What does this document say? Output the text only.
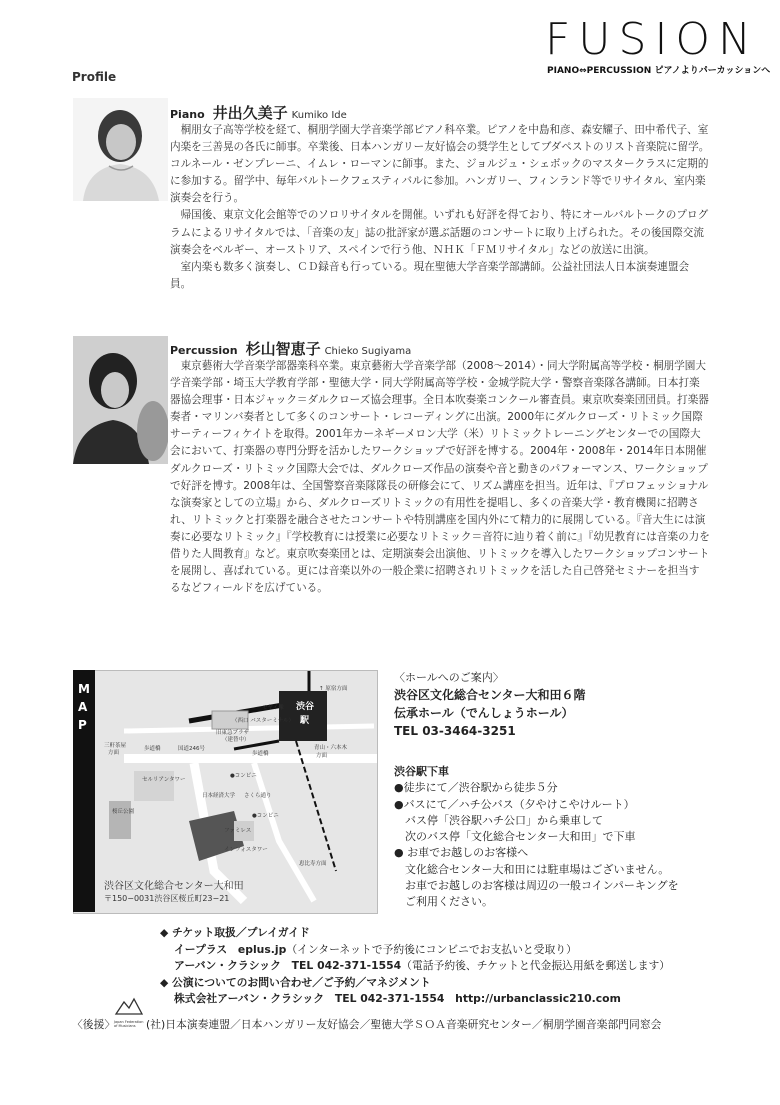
FUSION
PIANO⇔PERCUSSION ピアノよりパーカッションへ
Profile
Piano 井出久美子 Kumiko Ide

桐朋女子高等学校を経て、桐朋学園大学音楽学部ピアノ科卒業。ピアノを中島和彦、森安耀子、田中希代子、室内楽を三善晃の各氏に師事。卒業後、日本ハンガリー友好協会の奨学生としてブダペストのリスト音楽院に留学。コルネール・ゼンプレーニ、イムレ・ローマンに師事。また、ジョルジュ・シェボックのマスタークラスに定期的に参加する。留学中、毎年バルトークフェスティバルに参加。ハンガリー、フィンランド等でリサイタル、室内楽演奏会を行う。

帰国後、東京文化会館等でのソロリサイタルを開催。いずれも好評を得ており、特にオールバルトークのプログラムによるリサイタルでは、「音楽の友」誌の批評家が選ぶ話題のコンサートに取り上げられた。その後国際交流演奏会をベルギー、オーストリア、スペインで行う他、ＮＨＫ「ＦＭリサイタル」などの放送に出演。

室内楽も数多く演奏し、ＣＤ録音も行っている。現在聖徳大学音楽学部講師。公益社団法人日本演奏連盟会員。

Percussion 杉山智恵子 Chieko Sugiyama

東京藝術大学音楽学部器楽科卒業。東京藝術大学音楽学部（2008～2014）・同大学附属高等学校・桐朋学園大学音楽学部・埼玉大学教育学部・聖徳大学・同大学附属高等学校・金城学院大学・警察音楽隊各講師。日本打楽器協会理事・日本ジャック＝ダルクローズ協会理事。全日本吹奏楽コンクール審査員。東京吹奏楽団団員。打楽器奏者・マリンバ奏者として多くのコンサート・レコーディングに出演。2000年にダルクローズ・リトミック国際サーティーフィケイトを取得。2001年カーネギーメロン大学（米）リトミックトレーニングセンターでの国際大会において、打楽器の専門分野を活かしたワークショップで好評を博する。2004年・2008年・2014年日本開催ダルクローズ・リトミック国際大会では、ダルクローズ作品の演奏や音と動きのパフォーマンス、ワークショップで好評を博す。2008年は、全国警察音楽隊隊長の研修会にて、リズム講座を担当。近年は、『プロフェッショナルな演奏家としての立場』から、ダルクローズリトミックの有用性を提唱し、多くの音楽大学・教育機関に招聘され、リトミックと打楽器を融合させたコンサートや特別講座を国内外にて精力的に展開している。『音大生には演奏に必要なリトミック』『学校教育には授業に必要なリトミック＝音符に辿り着く前に』『幼児教育には音楽の力を借りた人間教育』など。東京吹奏楽団とは、定期演奏会出演他、リトミックを導入したワークショップコンサートを展開し、喜ばれている。更には音楽以外の一般企業に招聘されリトミックを活した自己啓発セミナーを担当するなどフィールドを広げている。

↑ 原宿方面
モヤイ像
（西口 バスターミナル）
旧東急プラザ
（建替中）
三軒茶屋
方面
歩道橋	国道246号
歩道橋
青山・六本木
方面
渋谷
駅
セルリアンタワー
●コンビニ
日本経済大学
桜丘公園
●コンビニ
ファミレス
インフォスタワー
さくら通り
恵比寿方面
渋谷区文化総合センター大和田
〒150−0031渋谷区桜丘町23−21
M
A
P
〈ホールへのご案内〉
渋谷区文化総合センター大和田６階
伝承ホール（でんしょうホール）
TEL 03-3464-3251
渋谷駅下車
●徒歩にて／渋谷駅から徒歩５分
●バスにて／ハチ公バス（夕やけこやけルート）
　バス停「渋谷駅ハチ公口」から乗車して
　次のバス停「文化総合センター大和田」で下車
● お車でお越しのお客様へ
　文化総合センター大和田には駐車場はございません。
　お車でお越しのお客様は周辺の一般コインパーキングを
　ご利用ください。
◆ チケット取扱／プレイガイド
イープラス　eplus.jp（インターネットで予約後にコンビニでお支払いと受取り）
アーバン・クラシック　TEL 042-371-1554（電話予約後、チケットと代金振込用紙を郵送します）
◆ 公演についてのお問い合わせ／ご予約／マネジメント
株式会社アーバン・クラシック　TEL 042-371-1554　http://urbanclassic210.com
〈後援〉
Japan Federation of Musicians (社)日本演奏連盟／日本ハンガリー友好協会／聖徳大学ＳＯＡ音楽研究センター／桐朋学園音楽部門同窓会
